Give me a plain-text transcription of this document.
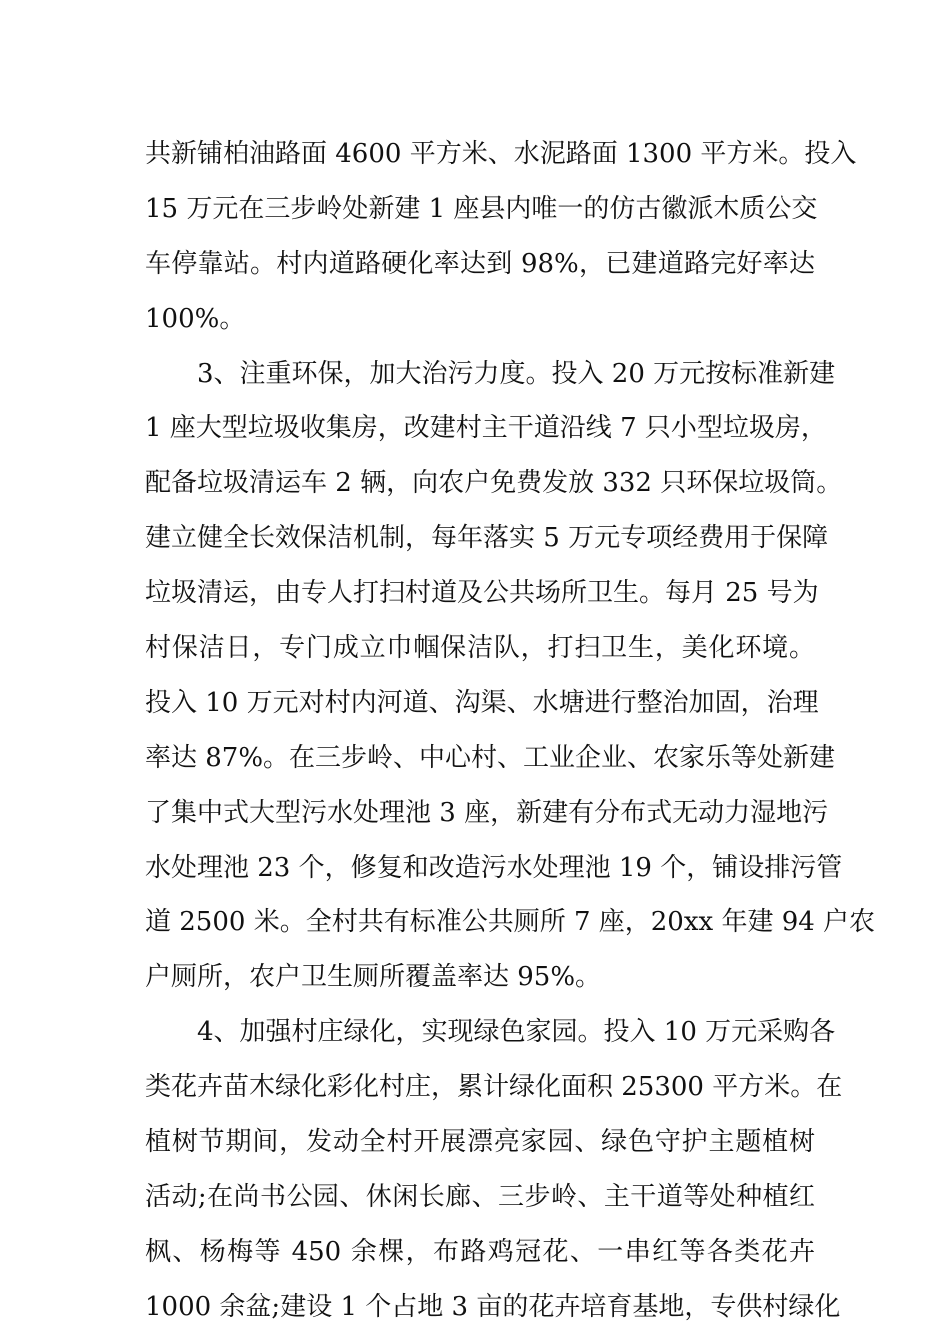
共新铺柏油路面 4600 平方米、水泥路面 1300 平方米。投入
15 万元在三步岭处新建 1 座县内唯一的仿古徽派木质公交
车停靠站。村内道路硬化率达到 98%，已建道路完好率达
100%。
3、注重环保，加大治污力度。投入 20 万元按标准新建
1 座大型垃圾收集房，改建村主干道沿线 7 只小型垃圾房，
配备垃圾清运车 2 辆，向农户免费发放 332 只环保垃圾筒。
建立健全长效保洁机制，每年落实 5 万元专项经费用于保障
垃圾清运，由专人打扫村道及公共场所卫生。每月 25 号为
村保洁日，专门成立巾帼保洁队，打扫卫生，美化环境。
投入 10 万元对村内河道、沟渠、水塘进行整治加固，治理
率达 87%。在三步岭、中心村、工业企业、农家乐等处新建
了集中式大型污水处理池 3 座，新建有分布式无动力湿地污
水处理池 23 个，修复和改造污水处理池 19 个，铺设排污管
道 2500 米。全村共有标准公共厕所 7 座，20xx 年建 94 户农
户厕所，农户卫生厕所覆盖率达 95%。
4、加强村庄绿化，实现绿色家园。投入 10 万元采购各
类花卉苗木绿化彩化村庄，累计绿化面积 25300 平方米。在
植树节期间，发动全村开展漂亮家园、绿色守护主题植树
活动;在尚书公园、休闲长廊、三步岭、主干道等处种植红
枫、杨梅等 450 余棵，布路鸡冠花、一串红等各类花卉
1000 余盆;建设 1 个占地 3 亩的花卉培育基地，专供村绿化
